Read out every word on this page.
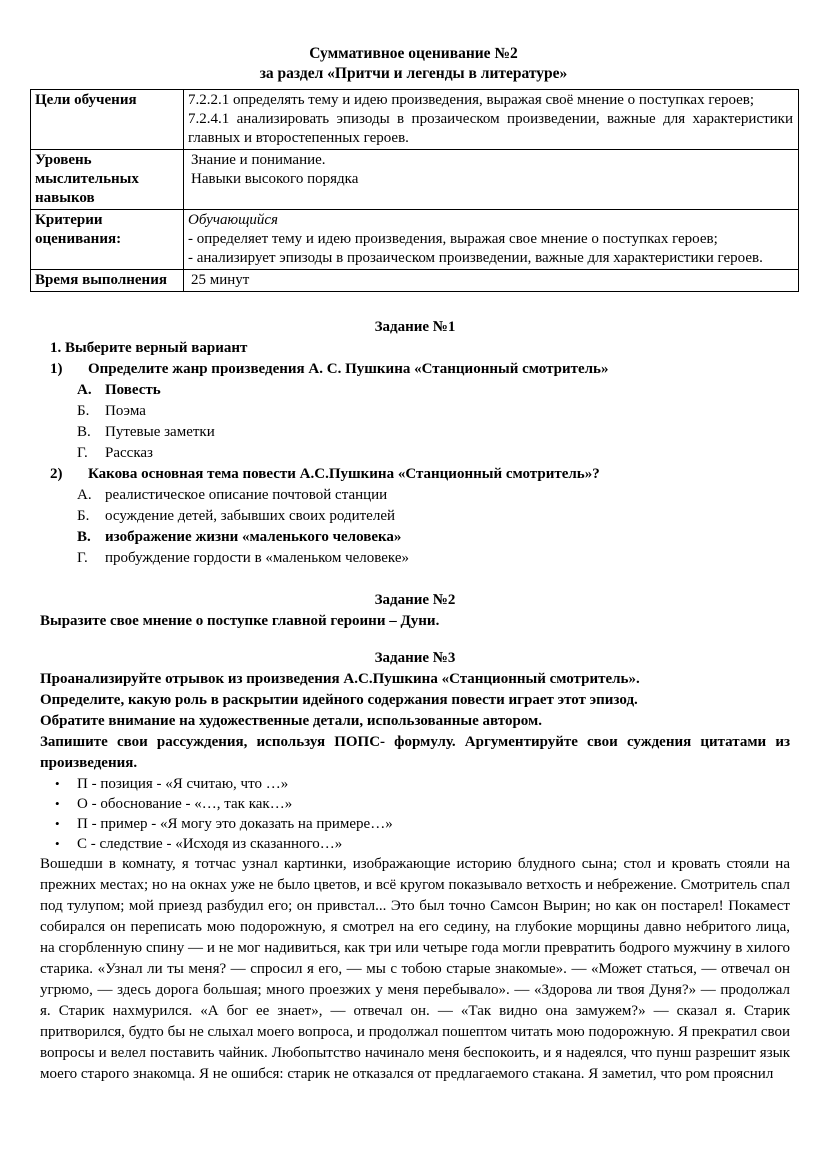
Суммативное оценивание №2
за раздел «Притчи и легенды в литературе»
Цели обучения	7.2.2.1 определять тему и идею произведения, выражая своё мнение о поступках героев;
7.2.4.1 анализировать эпизоды в прозаическом произведении, важные для характеристики главных и второстепенных героев.

Уровень мыслительных навыков	Знание и понимание.
Навыки высокого порядка

Критерии оценивания:	Обучающийся
- определяет тему и идею произведения, выражая свое мнение о поступках героев;
- анализирует эпизоды в прозаическом произведении, важные для характеристики героев.

Время выполнения	25 минут
Задание №1
1. Выберите верный вариант
1)	Определите жанр произведения А. С. Пушкина «Станционный смотритель»
А. Повесть
Б.	Поэма
В. Путевые заметки
Г.	Рассказ
2)	Какова основная тема повести А.С.Пушкина «Станционный смотритель»?
А. реалистическое описание почтовой станции
Б.	осуждение детей, забывших своих родителей
В. изображение жизни «маленького человека»
Г.	пробуждение гордости в «маленьком человеке»
Задание №2
Выразите свое мнение о поступке главной героини – Дуни.
Задание №3
Проанализируйте отрывок из произведения А.С.Пушкина «Станционный смотритель».
Определите, какую роль в раскрытии идейного содержания повести играет этот эпизод.
Обратите внимание на художественные детали, использованные автором.
Запишите свои рассуждения, используя ПОПС- формулу. Аргументируйте свои суждения цитатами из произведения.
•	П - позиция - «Я считаю, что …»
•	О - обоснование - «…, так как…»
•	П - пример - «Я могу это доказать на примере…»
•	С - следствие - «Исходя из сказанного…»
Вошедши в комнату, я тотчас узнал картинки, изображающие историю блудного сына; стол и кровать стояли на прежних местах; но на окнах уже не было цветов, и всё кругом показывало ветхость и небрежение. Смотритель спал под тулупом; мой приезд разбудил его; он привстал... Это был точно Самсон Вырин; но как он постарел! Покамест собирался он переписать мою подорожную, я смотрел на его седину, на глубокие морщины давно небритого лица, на сгорбленную спину — и не мог надивиться, как три или четыре года могли превратить бодрого мужчину в хилого старика. «Узнал ли ты меня? — спросил я его, — мы с тобою старые знакомые». — «Может статься, — отвечал он угрюмо, — здесь дорога большая; много проезжих у меня перебывало». — «Здорова ли твоя Дуня?» — продолжал я. Старик нахмурился. «А бог ее знает», — отвечал он. — «Так видно она замужем?» — сказал я. Старик притворился, будто бы не слыхал моего вопроса, и продолжал пошептом читать мою подорожную. Я прекратил свои вопросы и велел поставить чайник. Любопытство начинало меня беспокоить, и я надеялся, что пунш разрешит язык моего старого знакомца. Я не ошибся: старик не отказался от предлагаемого стакана. Я заметил, что ром прояснил
